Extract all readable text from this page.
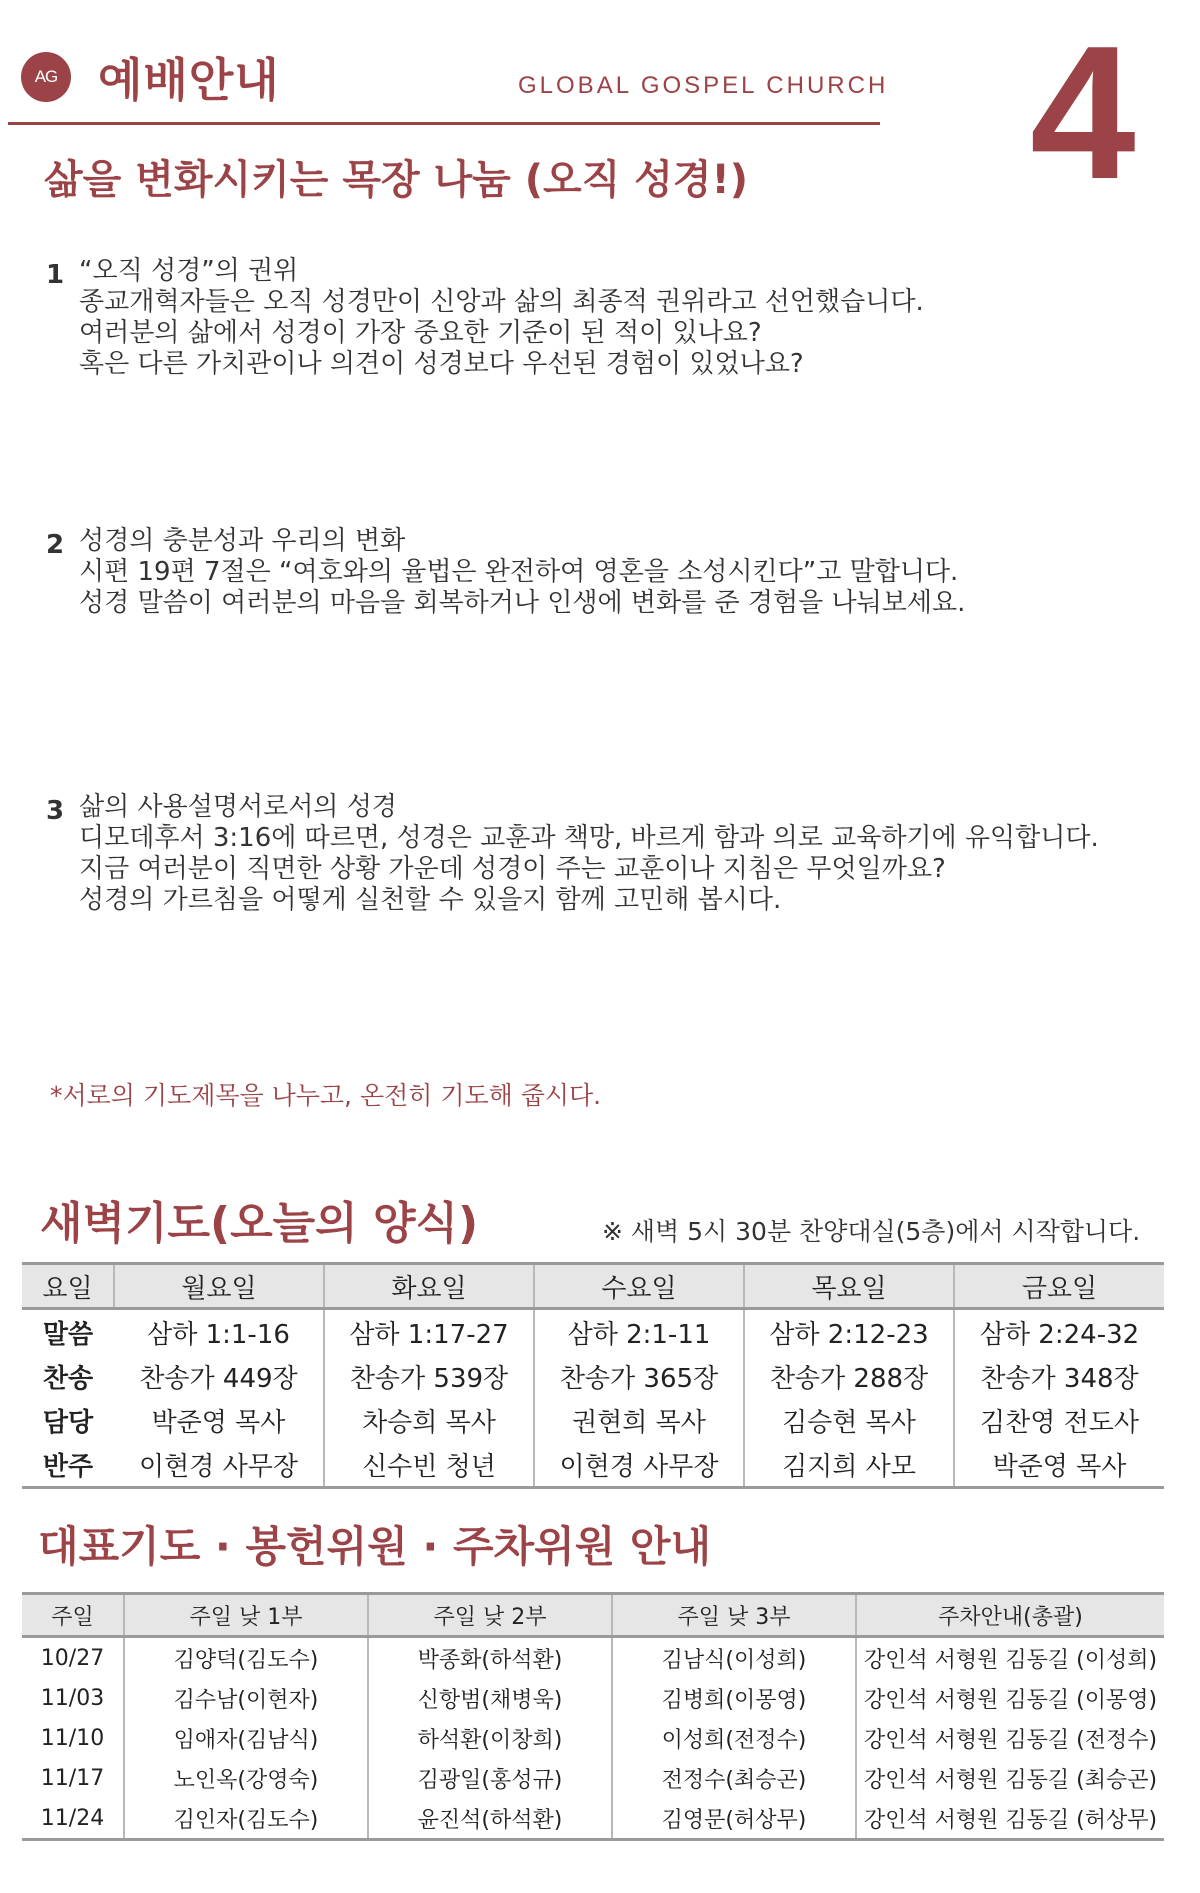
AG 예배안내	GLOBAL GOSPEL CHURCH 4
삶을 변화시키는 목장 나눔 (오직 성경!)
1 “오직 성경”의 권위
종교개혁자들은 오직 성경만이 신앙과 삶의 최종적 권위라고 선언했습니다.
여러분의 삶에서 성경이 가장 중요한 기준이 된 적이 있나요?
혹은 다른 가치관이나 의견이 성경보다 우선된 경험이 있었나요?
2 성경의 충분성과 우리의 변화
시편 19편 7절은 “여호와의 율법은 완전하여 영혼을 소성시킨다”고 말합니다.
성경 말씀이 여러분의 마음을 회복하거나 인생에 변화를 준 경험을 나눠보세요.
3 삶의 사용설명서로서의 성경
디모데후서 3:16에 따르면, 성경은 교훈과 책망, 바르게 함과 의로 교육하기에 유익합니다.
지금 여러분이 직면한 상황 가운데 성경이 주는 교훈이나 지침은 무엇일까요?
성경의 가르침을 어떻게 실천할 수 있을지 함께 고민해 봅시다.
*서로의 기도제목을 나누고, 온전히 기도해 줍시다.
새벽기도(오늘의 양식)	※ 새벽 5시 30분 찬양대실(5층)에서 시작합니다.
요일	월요일	화요일	수요일	목요일	금요일
말씀	삼하 1:1-16	삼하 1:17-27	삼하 2:1-11	삼하 2:12-23	삼하 2:24-32
찬송	찬송가 449장	찬송가 539장	찬송가 365장	찬송가 288장	찬송가 348장
담당	박준영 목사	차승희 목사	권현희 목사	김승현 목사	김찬영 전도사
반주	이현경 사무장	신수빈 청년	이현경 사무장	김지희 사모	박준영 목사
대표기도 · 봉헌위원 · 주차위원 안내
주일	주일 낮 1부	주일 낮 2부	주일 낮 3부	주차안내(총괄)
10/27	김양덕(김도수)	박종화(하석환)	김남식(이성희)	강인석 서형원 김동길 (이성희)
11/03	김수남(이현자)	신항범(채병욱)	김병희(이몽영)	강인석 서형원 김동길 (이몽영)
11/10	임애자(김남식)	하석환(이창희)	이성희(전정수)	강인석 서형원 김동길 (전정수)
11/17	노인옥(강영숙)	김광일(홍성규)	전정수(최승곤)	강인석 서형원 김동길 (최승곤)
11/24	김인자(김도수)	윤진석(하석환)	김영문(허상무)	강인석 서형원 김동길 (허상무)
